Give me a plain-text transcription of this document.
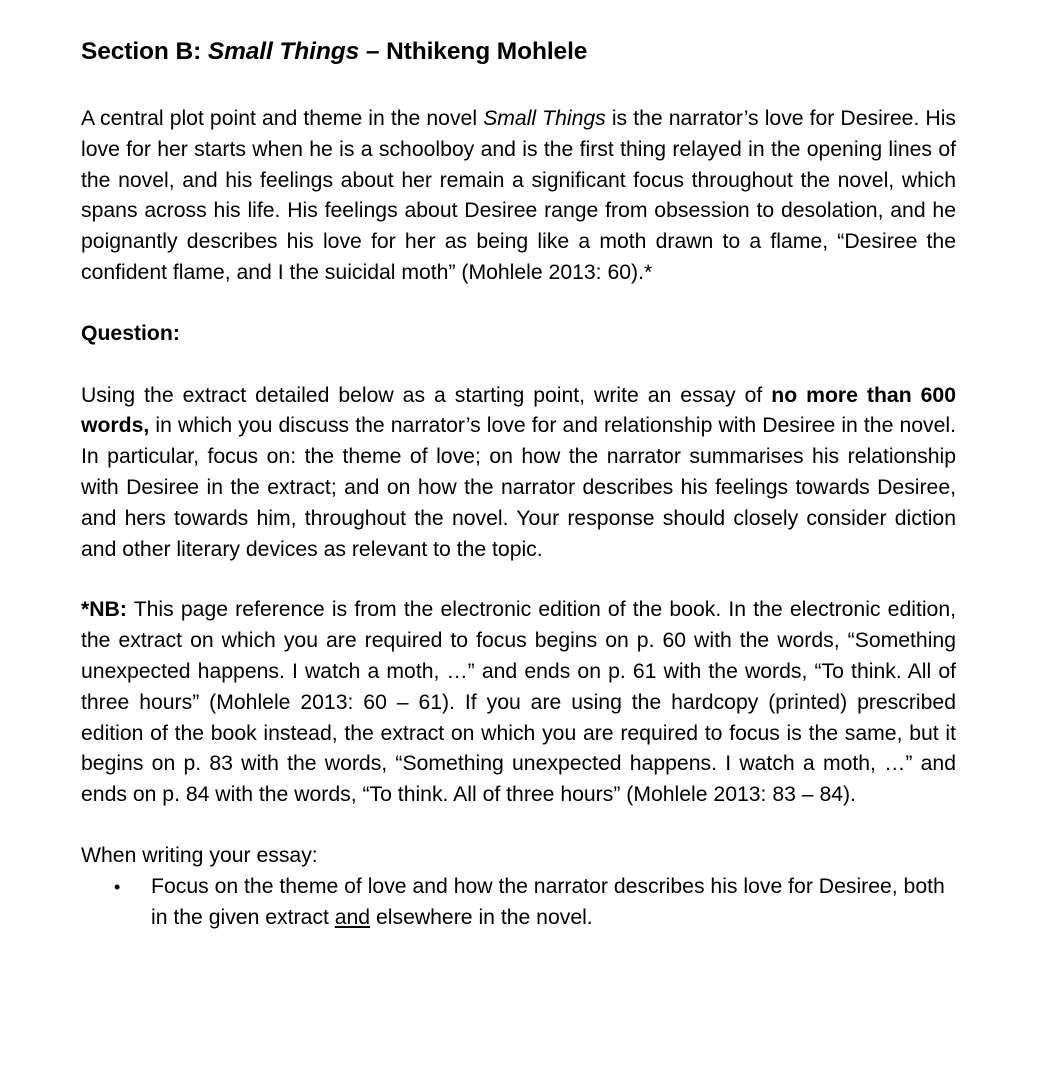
Section B: Small Things – Nthikeng Mohlele

A central plot point and theme in the novel Small Things is the narrator’s love for Desiree. His love for her starts when he is a schoolboy and is the first thing relayed in the opening lines of the novel, and his feelings about her remain a significant focus throughout the novel, which spans across his life. His feelings about Desiree range from obsession to desolation, and he poignantly describes his love for her as being like a moth drawn to a flame, “Desiree the confident flame, and I the suicidal moth” (Mohlele 2013: 60).*

Question:

Using the extract detailed below as a starting point, write an essay of no more than 600 words, in which you discuss the narrator’s love for and relationship with Desiree in the novel. In particular, focus on: the theme of love; on how the narrator summarises his relationship with Desiree in the extract; and on how the narrator describes his feelings towards Desiree, and hers towards him, throughout the novel. Your response should closely consider diction and other literary devices as relevant to the topic.

*NB: This page reference is from the electronic edition of the book. In the electronic edition, the extract on which you are required to focus begins on p. 60 with the words, “Something unexpected happens. I watch a moth, …” and ends on p. 61 with the words, “To think. All of three hours” (Mohlele 2013: 60 – 61). If you are using the hardcopy (printed) prescribed edition of the book instead, the extract on which you are required to focus is the same, but it begins on p. 83 with the words, “Something unexpected happens. I watch a moth, …” and ends on p. 84 with the words, “To think. All of three hours” (Mohlele 2013: 83 – 84).

When writing your essay:

• Focus on the theme of love and how the narrator describes his love for Desiree, both in the given extract and elsewhere in the novel.
